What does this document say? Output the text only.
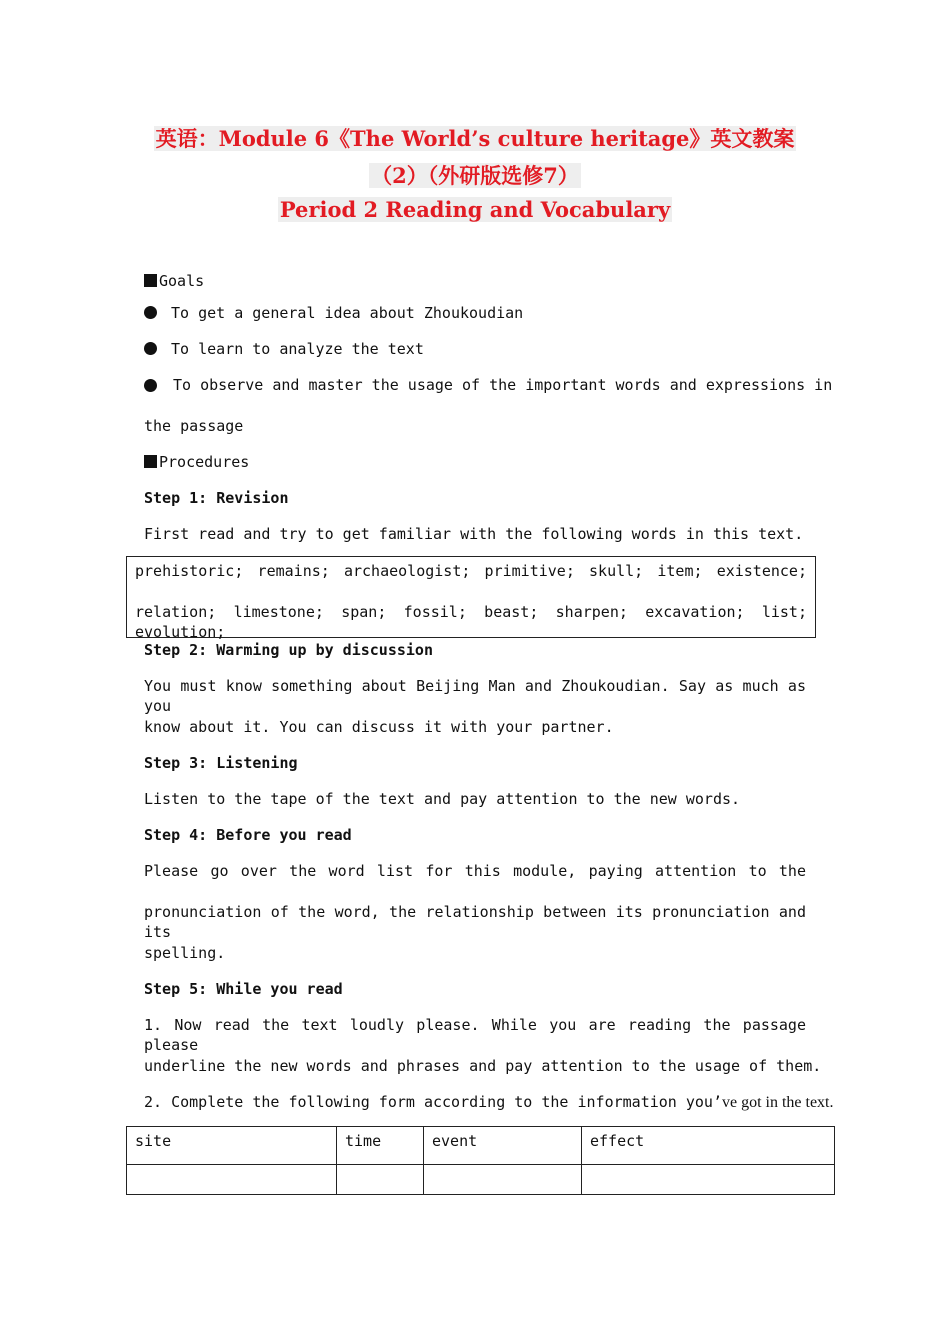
英语：Module 6《The World’s culture heritage》英文教案
（2）（外研版选修7）
Period 2 Reading and Vocabulary
Goals
To get a general idea about Zhoukoudian
To learn to analyze the text
To observe and master the usage of the important words and expressions in
the passage
Procedures
Step 1: Revision
First read and try to get familiar with the following words in this text.
prehistoric; remains; archaeologist; primitive; skull; item; existence;
relation; limestone; span; fossil; beast; sharpen; excavation; list; evolution;
Step 2: Warming up by discussion
You must know something about Beijing Man and Zhoukoudian. Say as much as you
know about it. You can discuss it with your partner.
Step 3: Listening
Listen to the tape of the text and pay attention to the new words.
Step 4: Before you read
Please go over the word list for this module, paying attention to the
pronunciation of the word, the relationship between its pronunciation and its
spelling.
Step 5: While you read
1. Now read the text loudly please. While you are reading the passage please
underline the new words and phrases and pay attention to the usage of them.
2. Complete the following form according to the information you’ve got in the text.
site	time	event	effect
